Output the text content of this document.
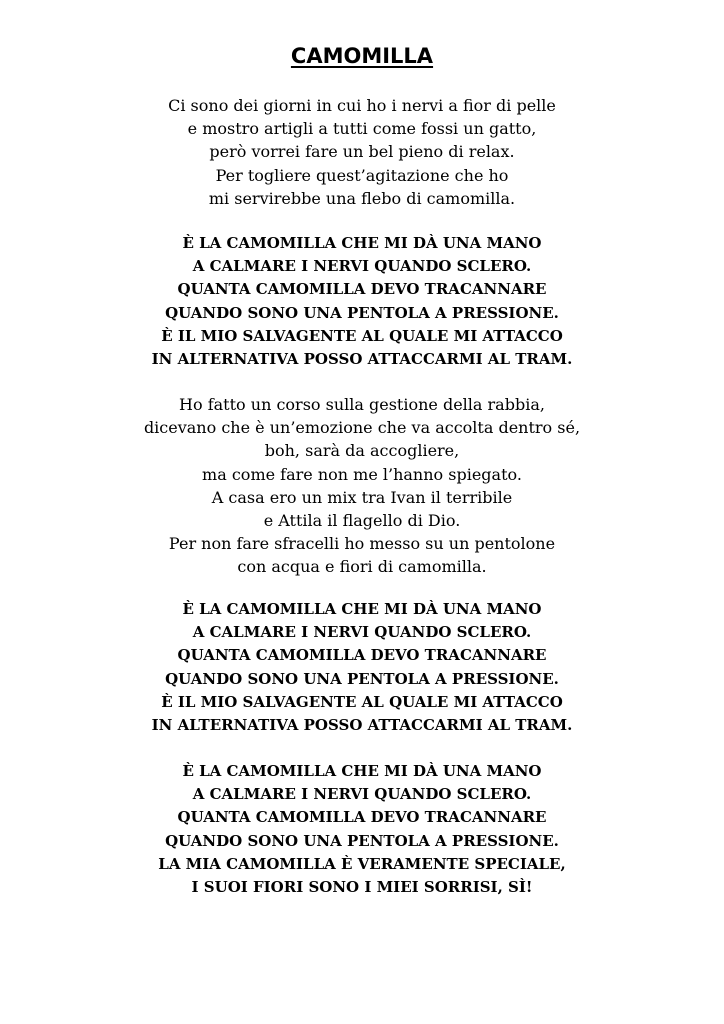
CAMOMILLA
Ci sono dei giorni in cui ho i nervi a fior di pelle
e mostro artigli a tutti come fossi un gatto,
però vorrei fare un bel pieno di relax.
Per togliere quest’agitazione che ho
mi servirebbe una flebo di camomilla.
È LA CAMOMILLA CHE MI DÀ UNA MANO
A CALMARE I NERVI QUANDO SCLERO.
QUANTA CAMOMILLA DEVO TRACANNARE
QUANDO SONO UNA PENTOLA A PRESSIONE.
È IL MIO SALVAGENTE AL QUALE MI ATTACCO
IN ALTERNATIVA POSSO ATTACCARMI AL TRAM.
Ho fatto un corso sulla gestione della rabbia,
dicevano che è un’emozione che va accolta dentro sé,
boh, sarà da accogliere,
ma come fare non me l’hanno spiegato.
A casa ero un mix tra Ivan il terribile
e Attila il flagello di Dio.
Per non fare sfracelli ho messo su un pentolone
con acqua e fiori di camomilla.
È LA CAMOMILLA CHE MI DÀ UNA MANO
A CALMARE I NERVI QUANDO SCLERO.
QUANTA CAMOMILLA DEVO TRACANNARE
QUANDO SONO UNA PENTOLA A PRESSIONE.
È IL MIO SALVAGENTE AL QUALE MI ATTACCO
IN ALTERNATIVA POSSO ATTACCARMI AL TRAM.
È LA CAMOMILLA CHE MI DÀ UNA MANO
A CALMARE I NERVI QUANDO SCLERO.
QUANTA CAMOMILLA DEVO TRACANNARE
QUANDO SONO UNA PENTOLA A PRESSIONE.
LA MIA CAMOMILLA È VERAMENTE SPECIALE,
I SUOI FIORI SONO I MIEI SORRISI, SÌ!
